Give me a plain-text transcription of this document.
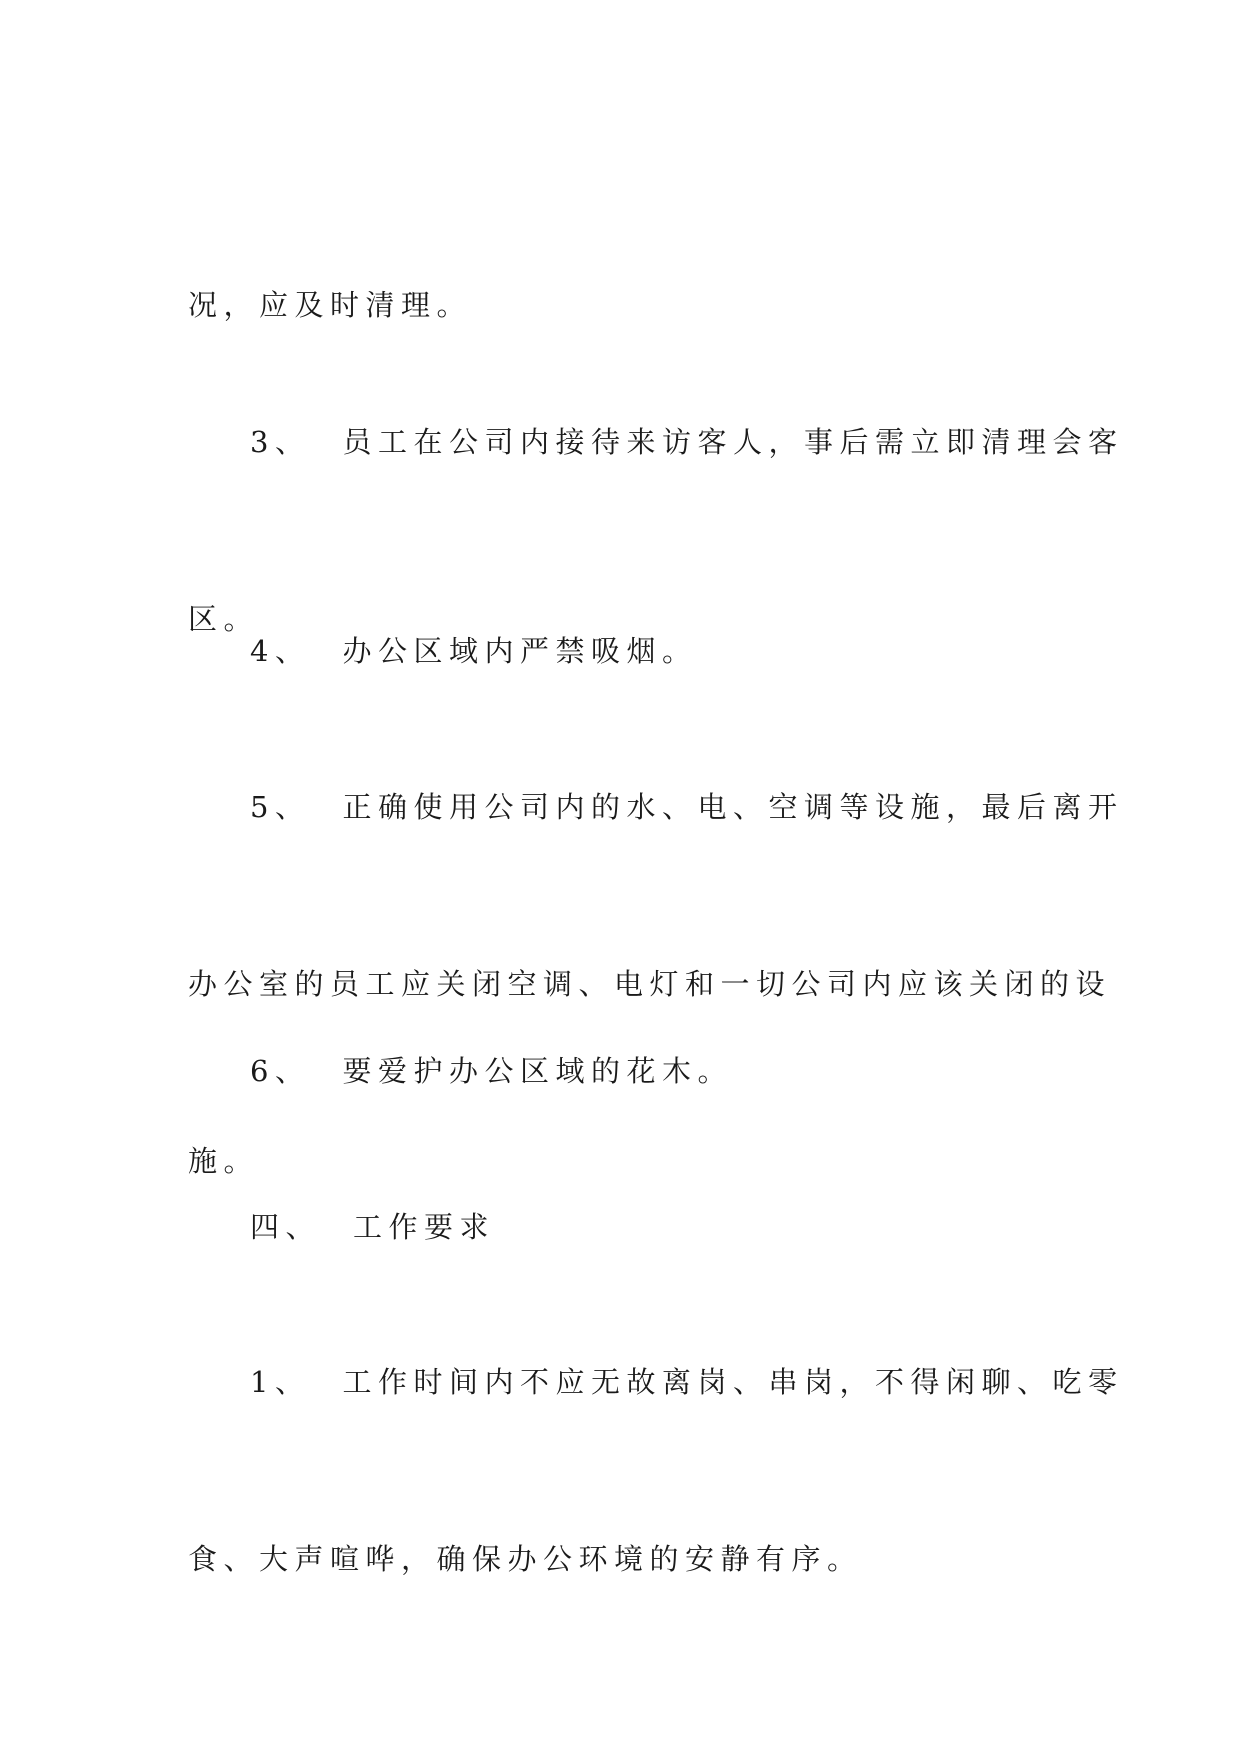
况，应及时清理。

3、 员工在公司内接待来访客人，事后需立即清理会客

区。

4、 办公区域内严禁吸烟。

5、 正确使用公司内的水、电、空调等设施，最后离开

办公室的员工应关闭空调、电灯和一切公司内应该关闭的设

施。

6、 要爱护办公区域的花木。

四、 工作要求

1、 工作时间内不应无故离岗、串岗，不得闲聊、吃零

食、大声喧哗，确保办公环境的安静有序。
